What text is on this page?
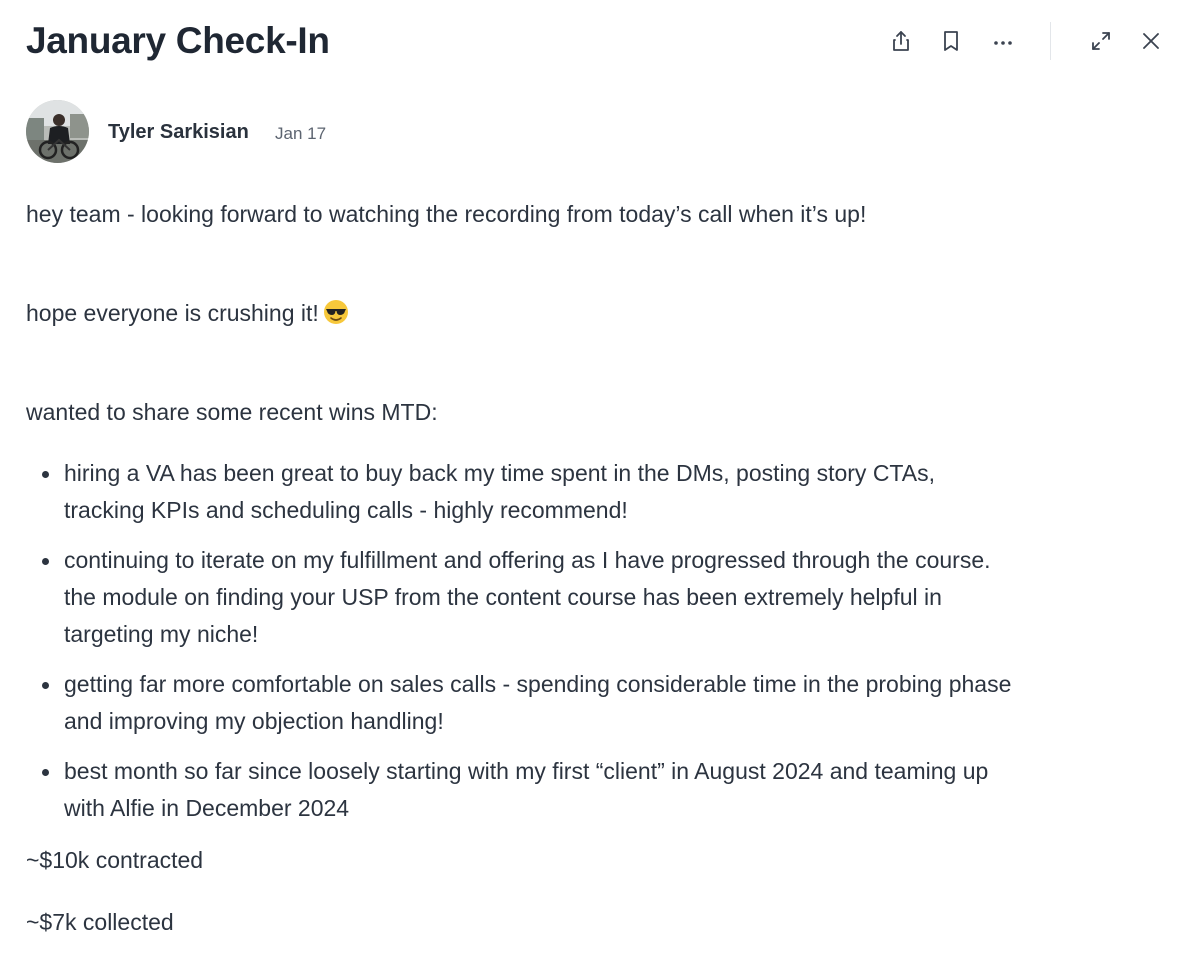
January Check-In
Tyler Sarkisian Jan 17

hey team - looking forward to watching the recording from today’s call when it’s up!

hope everyone is crushing it!

wanted to share some recent wins MTD:

hiring a VA has been great to buy back my time spent in the DMs, posting story CTAs,
tracking KPIs and scheduling calls - highly recommend!
continuing to iterate on my fulfillment and offering as I have progressed through the course.
the module on finding your USP from the content course has been extremely helpful in
targeting my niche!
getting far more comfortable on sales calls - spending considerable time in the probing phase
and improving my objection handling!
best month so far since loosely starting with my first “client” in August 2024 and teaming up
with Alfie in December 2024

~$10k contracted

~$7k collected
